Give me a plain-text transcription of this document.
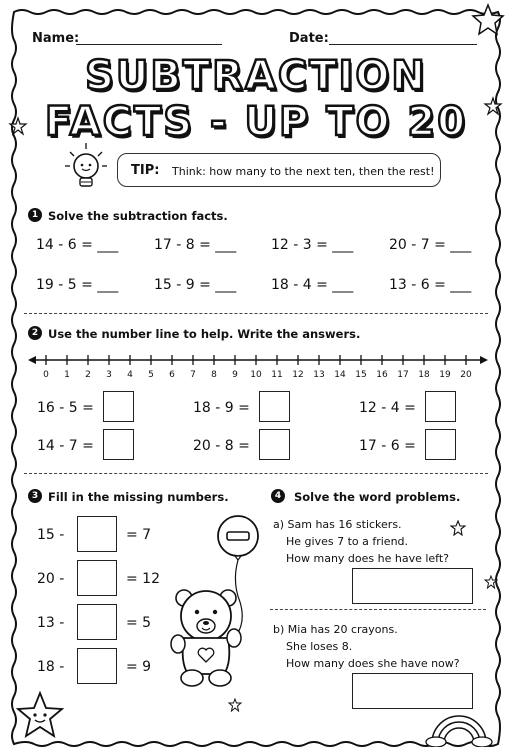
Name:	Date:
SUBTRACTION
FACTS - UP TO 20
TIP: Think: how many to the next ten, then the rest!
1 Solve the subtraction facts.
14 - 6 = ___	17 - 8 = ___ 12 - 3 = ___	20 - 7 = ___
19 - 5 = ___	15 - 9 = ___ 18 - 4 = ___	13 - 6 = ___
2 Use the number line to help. Write the answers.
0	1	2	3	4	5	6	7	8	9	10 11 12 13 14 15 16 17 18 19 20
16 - 5 =	18 - 9 =	12 - 4 =
14 - 7 =	20 - 8 =	17 - 6 =
3 Fill in the missing numbers.
15 -	= 7
20 -	= 12
13 -	= 5
18 -	= 9
4	Solve the word problems.
a) Sam has 16 stickers.
He gives 7 to a friend.
How many does he have left?
b) Mia has 20 crayons.
She loses 8.
How many does she have now?
